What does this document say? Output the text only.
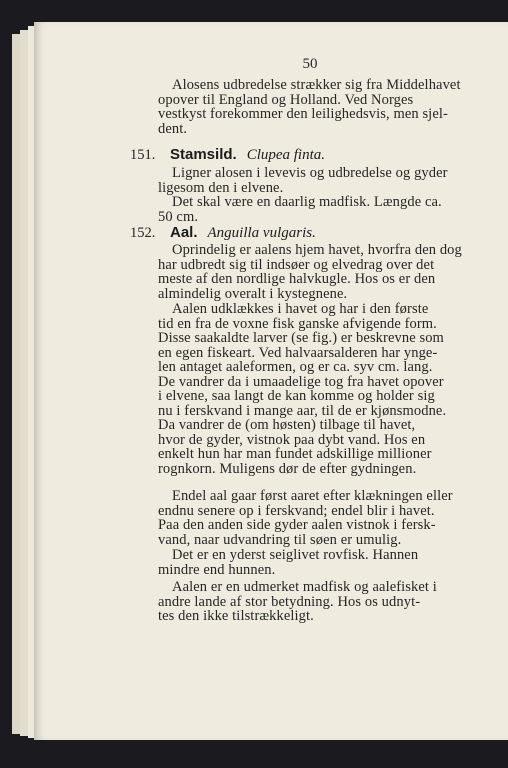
50
Alosens udbredelse strækker sig fra Middelhavet
opover til England og Holland. Ved Norges
vestkyst forekommer den leilighedsvis, men sjel-
dent.
151. Stamsild. Clupea finta.
Ligner alosen i levevis og udbredelse og gyder
ligesom den i elvene.
Det skal være en daarlig madfisk. Længde ca.
50 cm.
152. Aal. Anguilla vulgaris.
Oprindelig er aalens hjem havet, hvorfra den dog
har udbredt sig til indsøer og elvedrag over det
meste af den nordlige halvkugle. Hos os er den
almindelig overalt i kystegnene.
Aalen udklækkes i havet og har i den første
tid en fra de voxne fisk ganske afvigende form.
Disse saakaldte larver (se fig.) er beskrevne som
en egen fiskeart. Ved halvaarsalderen har ynge-
len antaget aaleformen, og er ca. syv cm. lang.
De vandrer da i umaadelige tog fra havet opover
i elvene, saa langt de kan komme og holder sig
nu i ferskvand i mange aar, til de er kjønsmodne.
Da vandrer de (om høsten) tilbage til havet,
hvor de gyder, vistnok paa dybt vand. Hos en
enkelt hun har man fundet adskillige millioner
rognkorn. Muligens dør de efter gydningen.
Endel aal gaar først aaret efter klækningen eller
endnu senere op i ferskvand; endel blir i havet.
Paa den anden side gyder aalen vistnok i fersk-
vand, naar udvandring til søen er umulig.
Det er en yderst seiglivet rovfisk. Hannen
mindre end hunnen.
Aalen er en udmerket madfisk og aalefisket i
andre lande af stor betydning. Hos os udnyt-
tes den ikke tilstrækkeligt.
